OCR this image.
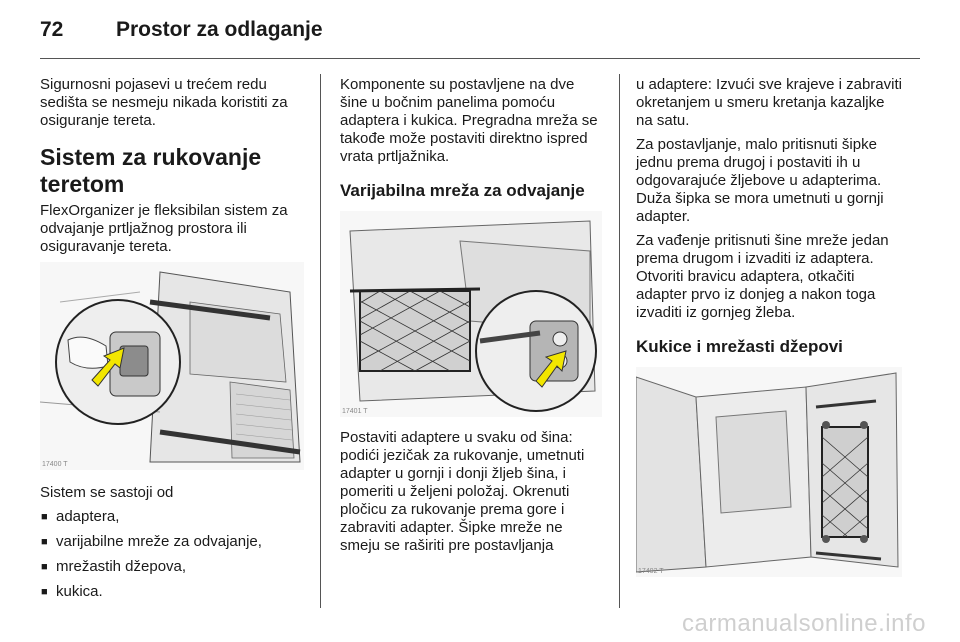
72	Prostor za odlaganje

Sigurnosni pojasevi u trećem redu sedišta se nesmeju nikada koristiti za osiguranje tereta.

Sistem za rukovanje teretom

FlexOrganizer je fleksibilan sistem za odvajanje prtljažnog prostora ili osiguravanje tereta.

17400 T

Sistem se sastoji od

■ adaptera,
■ varijabilne mreže za odvajanje,
■ mrežastih džepova,
■ kukica.

Komponente su postavljene na dve šine u bočnim panelima pomoću adaptera i kukica. Pregradna mreža se takođe može postaviti direktno ispred vrata prtljažnika.

Varijabilna mreža za odvajanje
17401 T

Postaviti adaptere u svaku od šina: podići jezičak za rukovanje, umetnuti adapter u gornji i donji žljeb šina, i pomeriti u željeni položaj. Okrenuti pločicu za rukovanje prema gore i zabraviti adapter. Šipke mreže ne smeju se raširiti pre postavljanja

u adaptere: Izvući sve krajeve i zabraviti okretanjem u smeru kretanja kazaljke na satu.

Za postavljanje, malo pritisnuti šipke jednu prema drugoj i postaviti ih u odgovarajuće žljebove u adapterima. Duža šipka se mora umetnuti u gornji adapter.

Za vađenje pritisnuti šine mreže jedan prema drugom i izvaditi iz adaptera. Otvoriti bravicu adaptera, otkačiti adapter prvo iz donjeg a nakon toga izvaditi iz gornjeg žleba.

Kukice i mrežasti džepovi
17402 T
carmanualsonline.info
